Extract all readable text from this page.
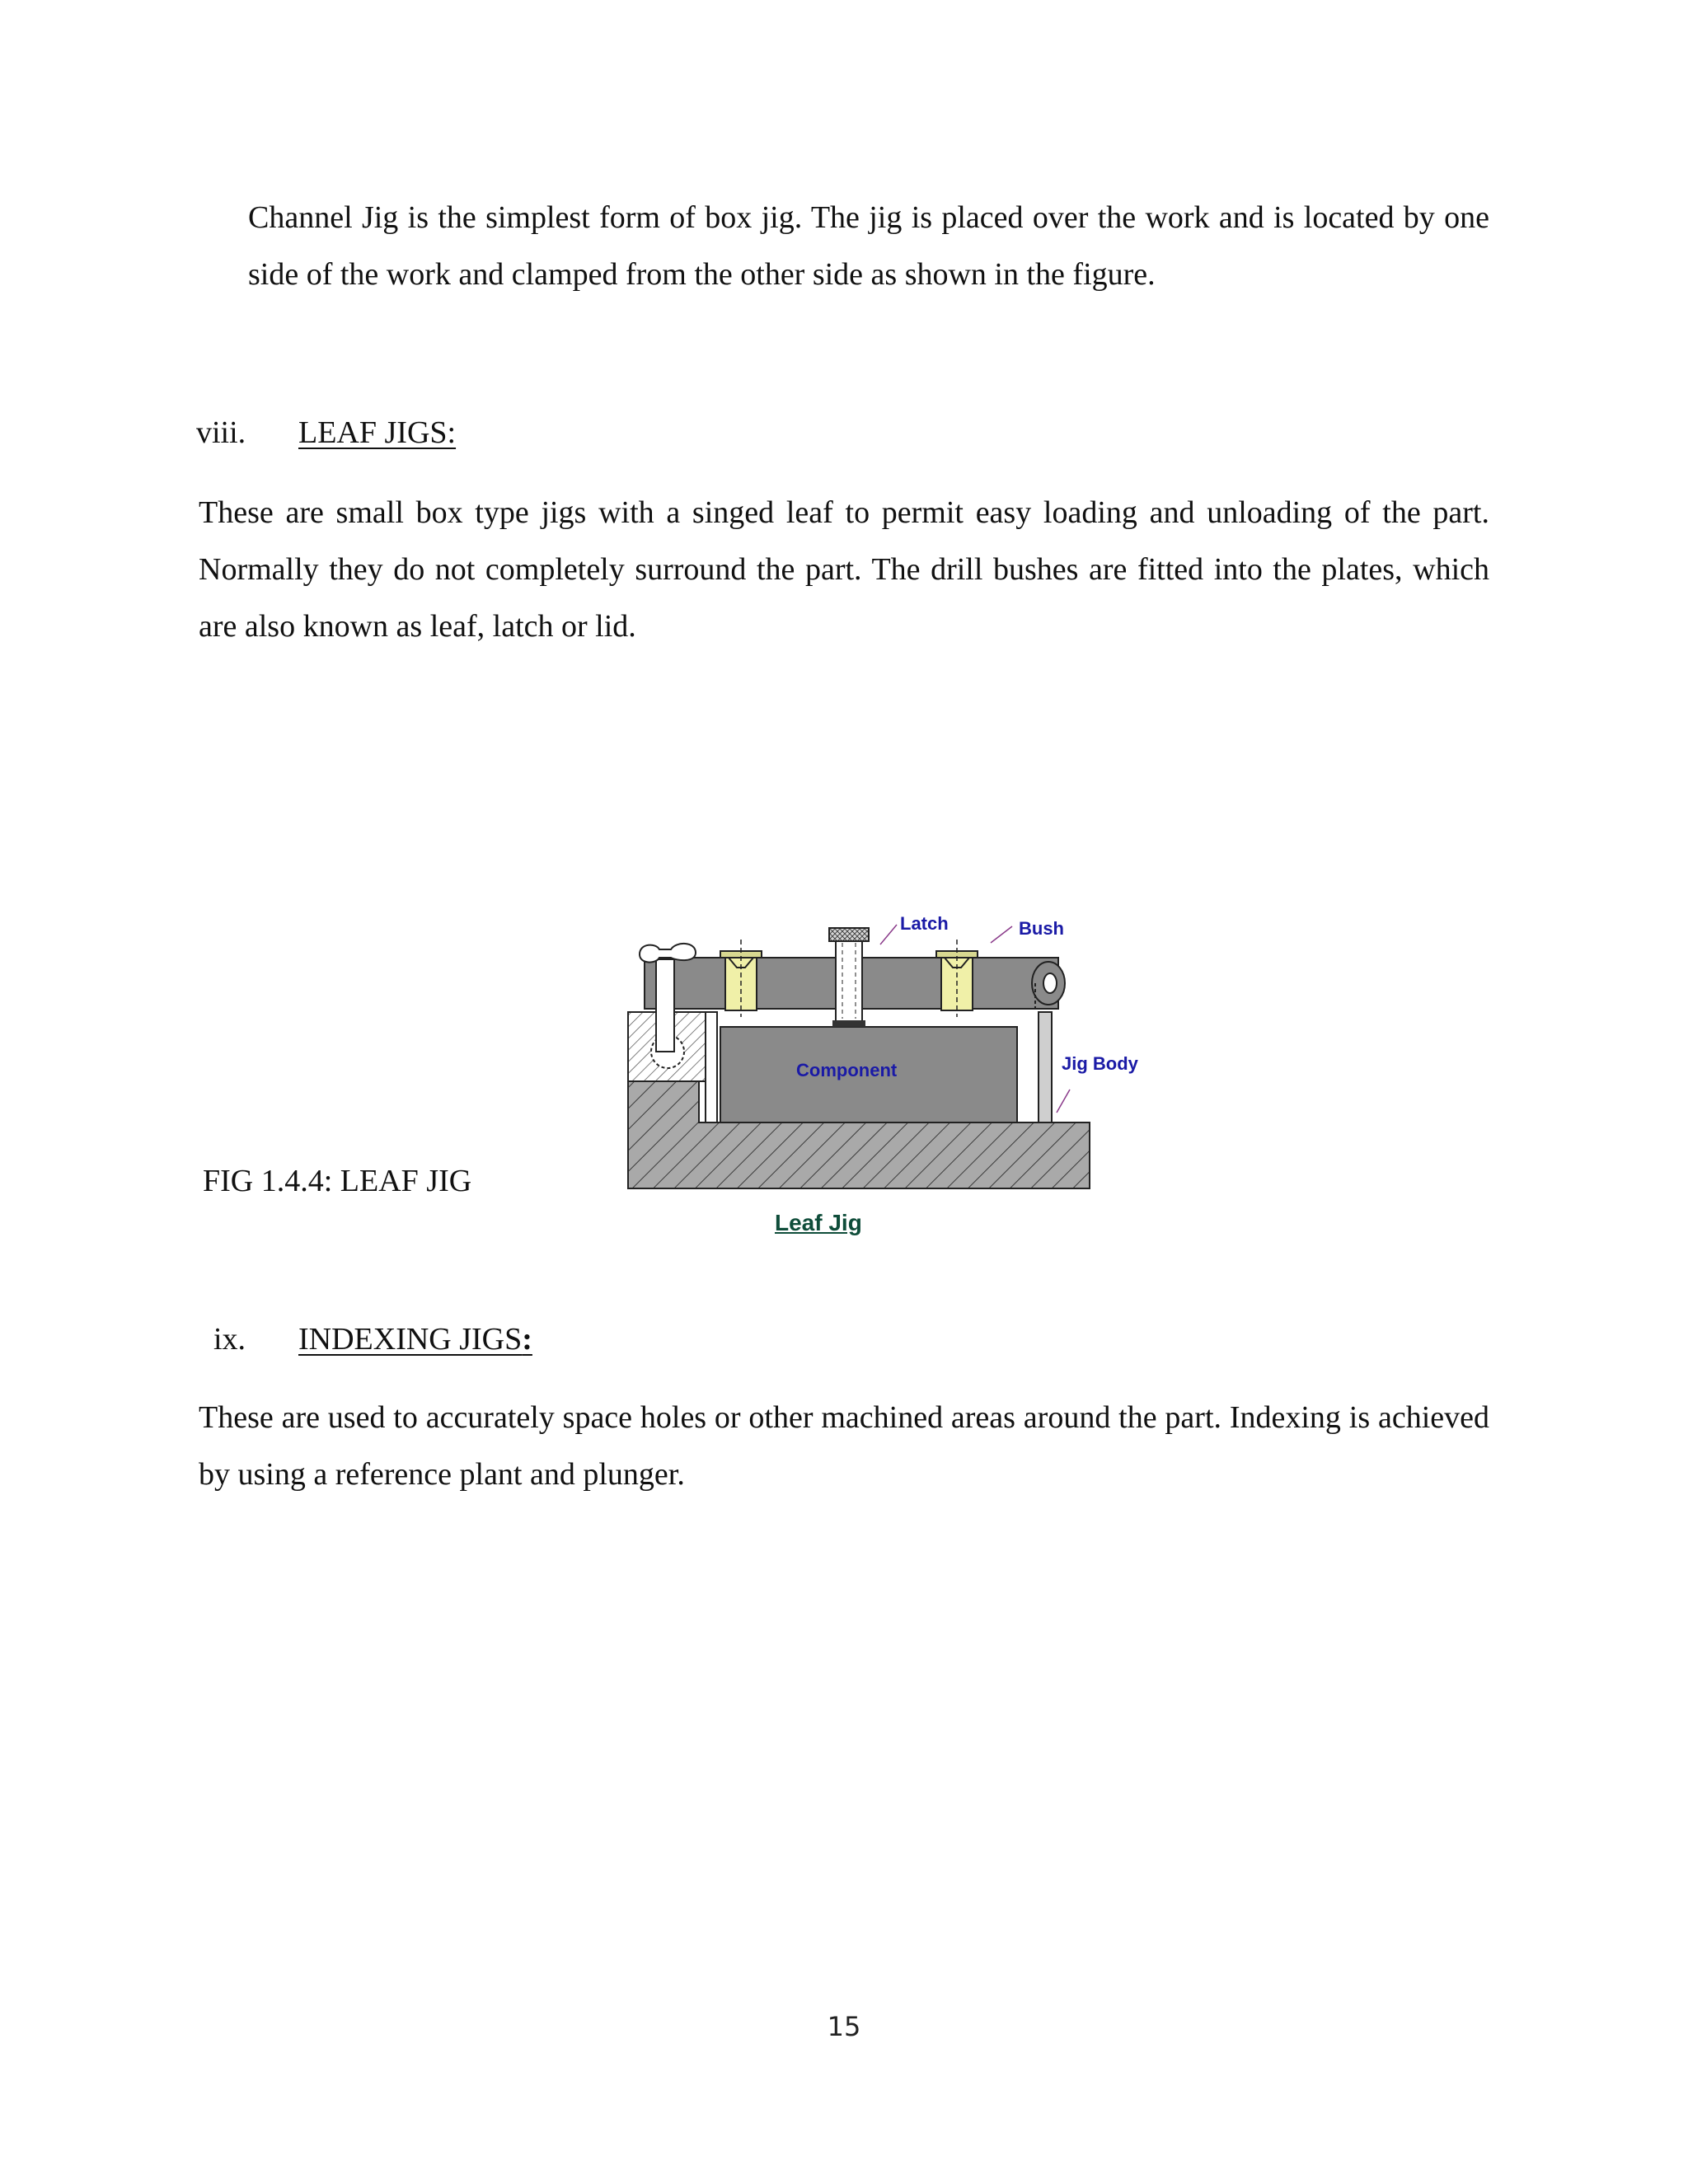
Channel Jig is the simplest form of box jig. The jig is placed over the work and is located by one side of the work and clamped from the other side as shown in the figure.

viii. LEAF JIGS:

These are small box type jigs with a singed leaf to permit easy loading and unloading of the part. Normally they do not completely surround the part. The drill bushes are fitted into the plates, which are also known as leaf, latch or lid.

FIG 1.4.4: LEAF JIG
Latch	Bush
Component	Jig Body
Leaf Jig
ix. INDEXING JIGS:

These are used to accurately space holes or other machined areas around the part. Indexing is achieved by using a reference plant and plunger.

15
